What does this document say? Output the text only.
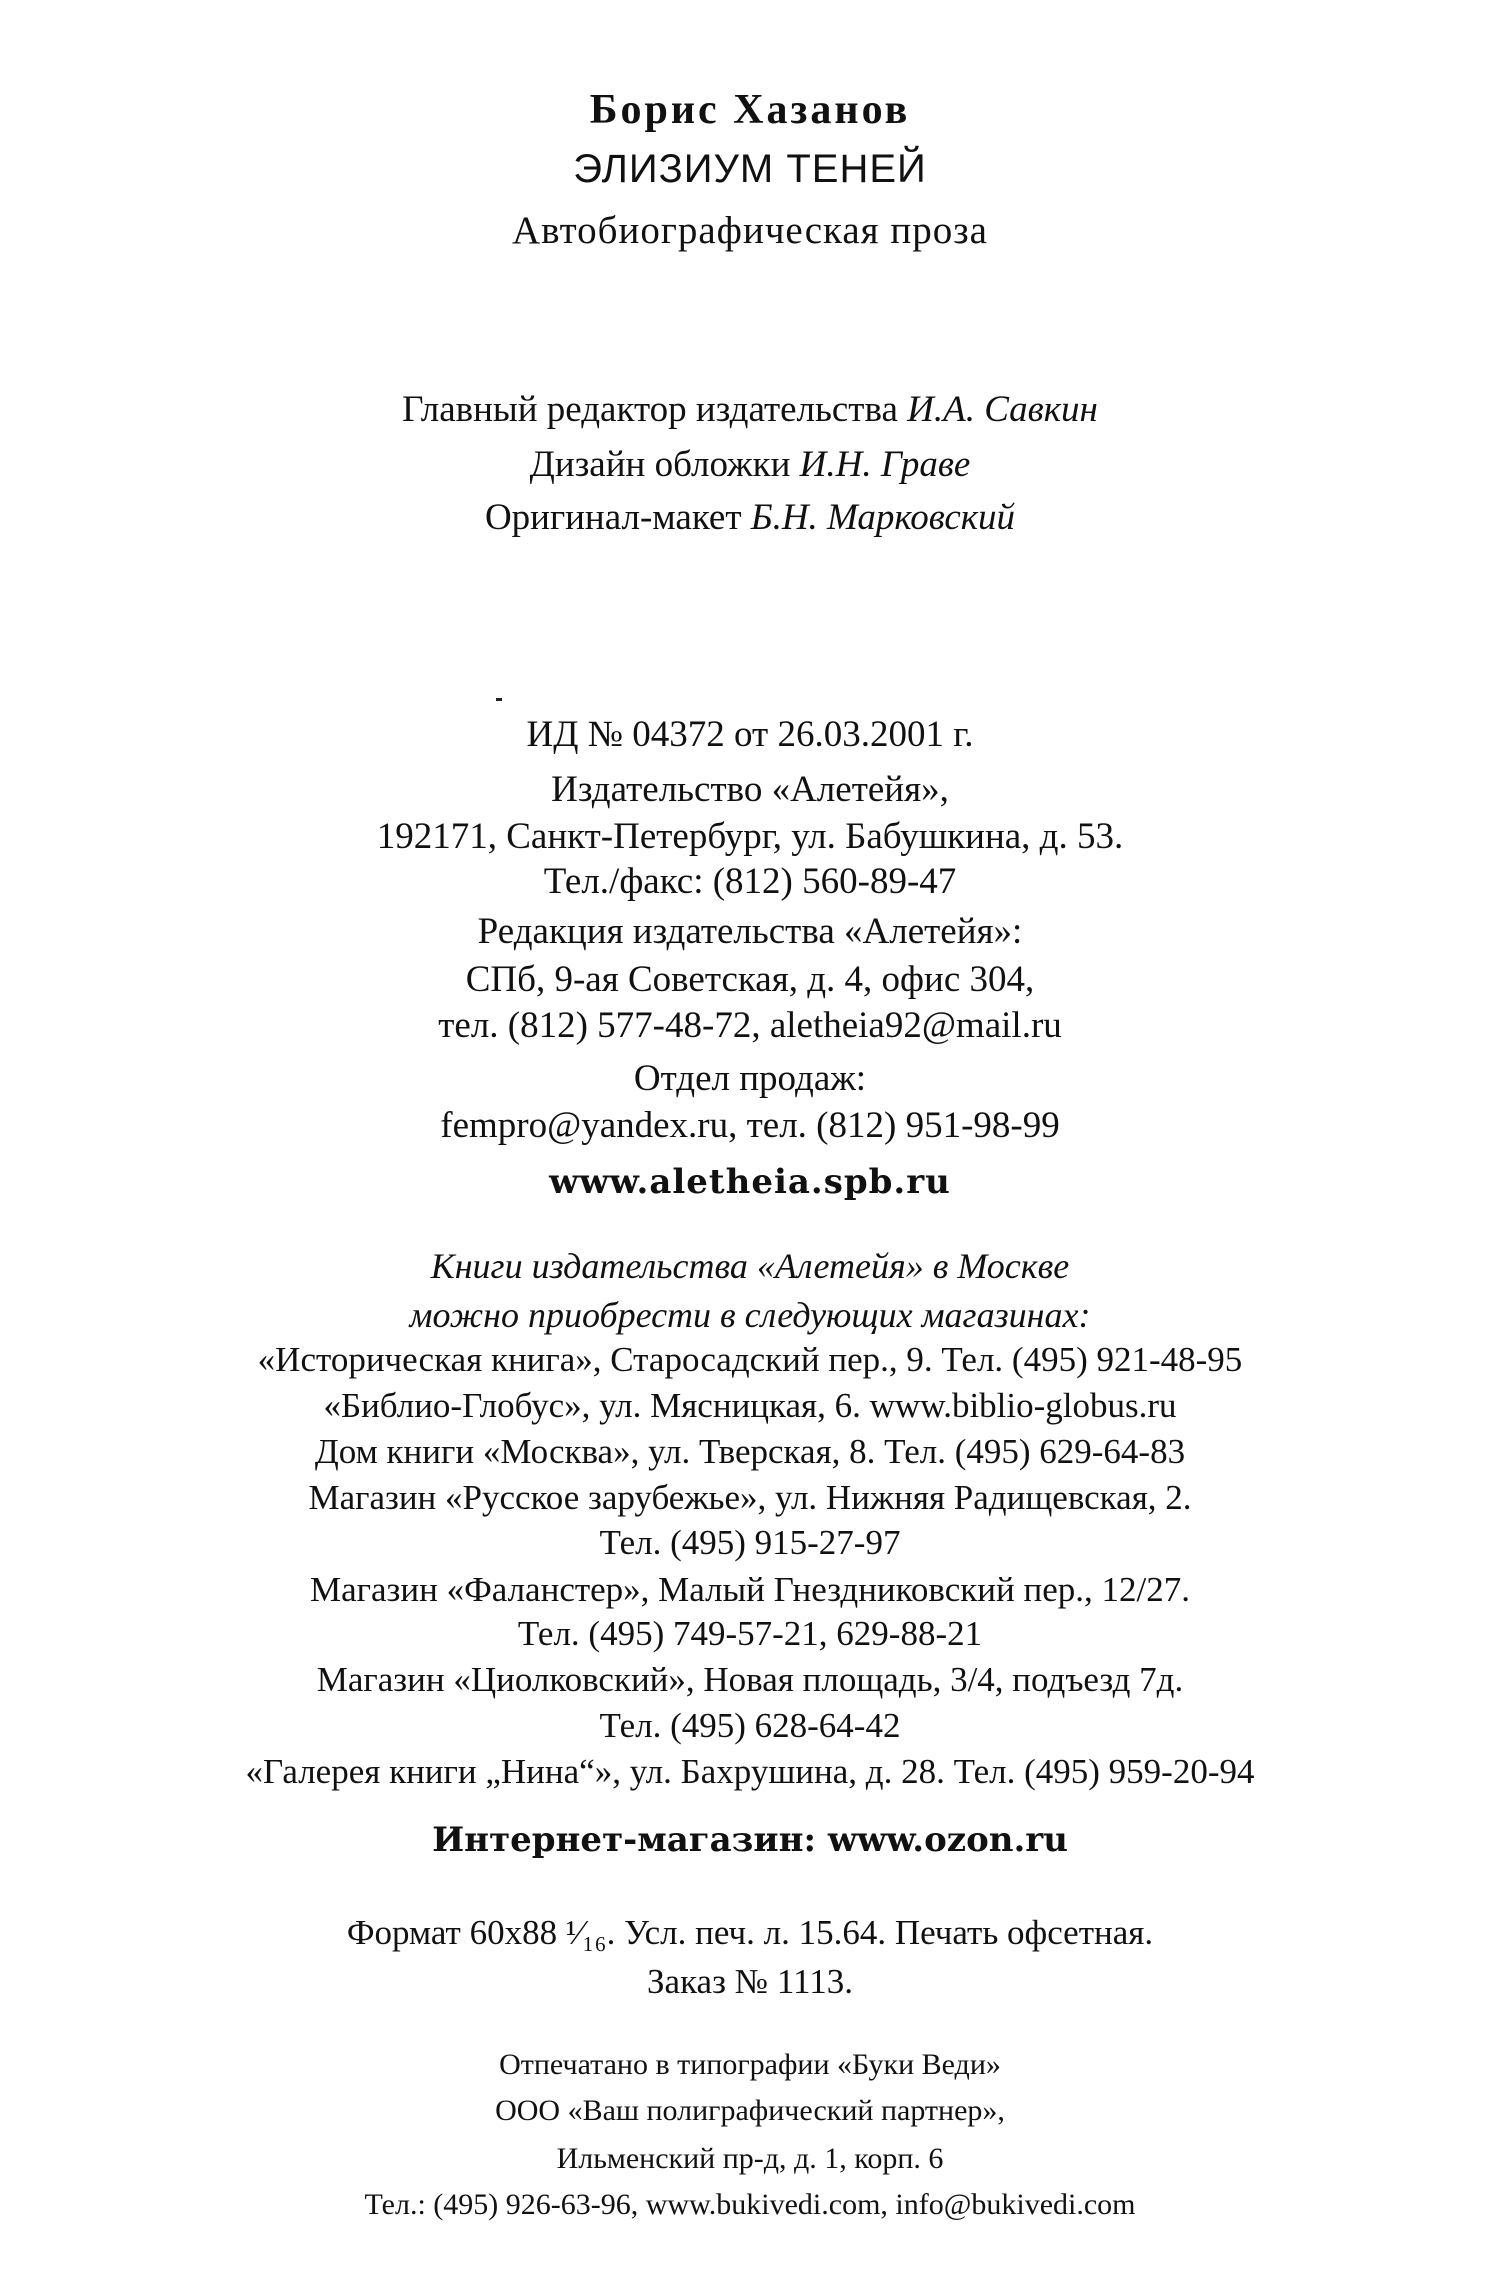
Борис Хазанов
ЭЛИЗИУМ ТЕНЕЙ
Автобиографическая проза
Главный редактор издательства И.А. Савкин
Дизайн обложки И.Н. Граве
Оригинал-макет Б.Н. Марковский
ИД № 04372 от 26.03.2001 г.
Издательство «Алетейя»,
192171, Санкт-Петербург, ул. Бабушкина, д. 53.
Тел./факс: (812) 560-89-47
Редакция издательства «Алетейя»:
СПб, 9-ая Советская, д. 4, офис 304,
тел. (812) 577-48-72, aletheia92@mail.ru
Отдел продаж:
fempro@yandex.ru, тел. (812) 951-98-99
www.aletheia.spb.ru
Книги издательства «Алетейя» в Москве
можно приобрести в следующих магазинах:
«Историческая книга», Старосадский пер., 9. Тел. (495) 921-48-95
«Библио-Глобус», ул. Мясницкая, 6. www.biblio-globus.ru
Дом книги «Москва», ул. Тверская, 8. Тел. (495) 629-64-83
Магазин «Русское зарубежье», ул. Нижняя Радищевская, 2.
Тел. (495) 915-27-97
Магазин «Фаланстер», Малый Гнездниковский пер., 12/27.
Тел. (495) 749-57-21, 629-88-21
Магазин «Циолковский», Новая площадь, 3/4, подъезд 7д.
Тел. (495) 628-64-42
«Галерея книги „Нина“», ул. Бахрушина, д. 28. Тел. (495) 959-20-94
Интернет-магазин: www.ozon.ru
Формат 60x88 ¹⁄₁₆. Усл. печ. л. 15.64. Печать офсетная.
Заказ № 1113.
Отпечатано в типографии «Буки Веди»
ООО «Ваш полиграфический партнер»,
Ильменский пр-д, д. 1, корп. 6
Тел.: (495) 926-63-96, www.bukivedi.com, info@bukivedi.com
